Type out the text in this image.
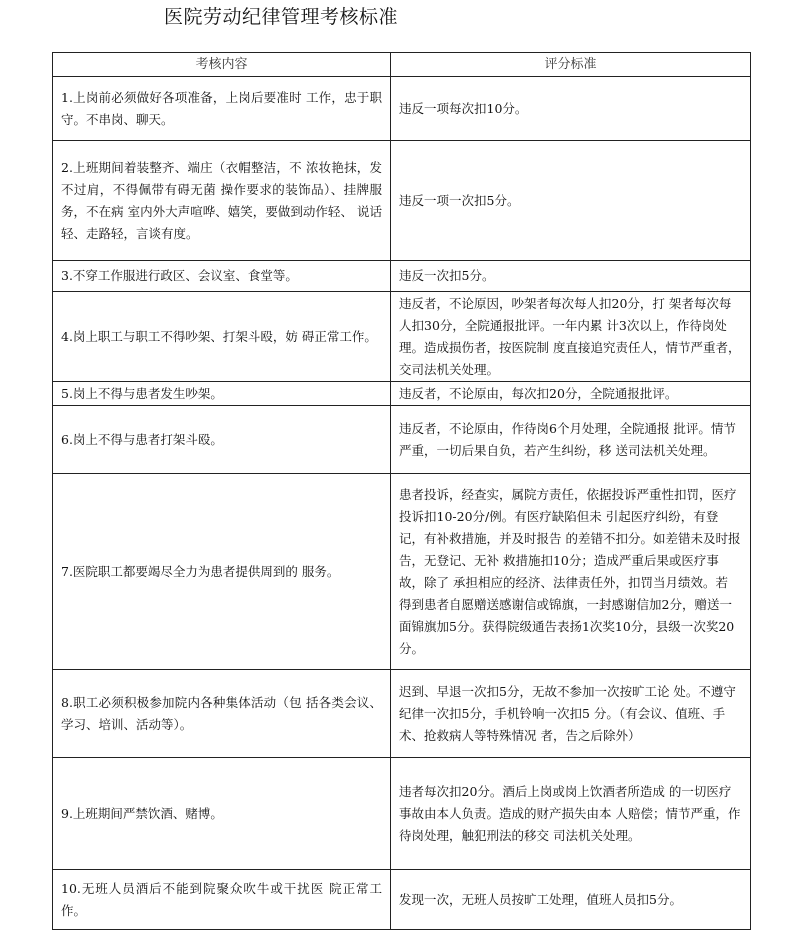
医院劳动纪律管理考核标准
考核内容	评分标准

1.上岗前必须做好各项准备，上岗后要准时 工作，忠于职守。不串岗、聊天。	违反一项每次扣10分。

2.上班期间着装整齐、端庄（衣帽整洁，不 浓妆艳抹，发不过肩，不得佩带有碍无菌 操作要求的装饰品）、挂牌服务，不在病 室内外大声喧哗、嬉笑，要做到动作轻、 说话轻、走路轻，言谈有度。	违反一项一次扣5分。

3.不穿工作服进行政区、会议室、食堂等。	违反一次扣5分。

4.岗上职工与职工不得吵架、打架斗殴，妨 碍正常工作。	违反者，不论原因，吵架者每次每人扣20分，打 架者每次每人扣30分，全院通报批评。一年内累 计3次以上，作待岗处理。造成损伤者，按医院制 度直接追究责任人，情节严重者，交司法机关处理。

5.岗上不得与患者发生吵架。	违反者，不论原由，每次扣20分，全院通报批评。

6.岗上不得与患者打架斗殴。	违反者，不论原由，作待岗6个月处理，全院通报 批评。情节严重，一切后果自负，若产生纠纷，移 送司法机关处理。

7.医院职工都要竭尽全力为患者提供周到的 服务。	患者投诉，经查实，属院方责任，依据投诉严重性扣罚，医疗投诉扣10-20分/例。有医疗缺陷但未 引起医疗纠纷，有登记，有补救措施，并及时报告 的差错不扣分。如差错未及时报告，无登记、无补 救措施扣10分；造成严重后果或医疗事故，除了 承担相应的经济、法律责任外，扣罚当月绩效。若 得到患者自愿赠送感谢信或锦旗，一封感谢信加2分，赠送一面锦旗加5分。获得院级通告表扬1次奖10分，县级一次奖20分。

8.职工必须积极参加院内各种集体活动（包 括各类会议、学习、培训、活动等）。	迟到、早退一次扣5分，无故不参加一次按旷工论 处。不遵守纪律一次扣5分，手机铃响一次扣5 分。（有会议、值班、手术、抢救病人等特殊情况 者，告之后除外）

9.上班期间严禁饮酒、赌博。	违者每次扣20分。酒后上岗或岗上饮酒者所造成 的一切医疗事故由本人负责。造成的财产损失由本 人赔偿；情节严重，作待岗处理，触犯刑法的移交 司法机关处理。

10.无班人员酒后不能到院聚众吹牛或干扰医 院正常工作。	发现一次，无班人员按旷工处理，值班人员扣5分。
